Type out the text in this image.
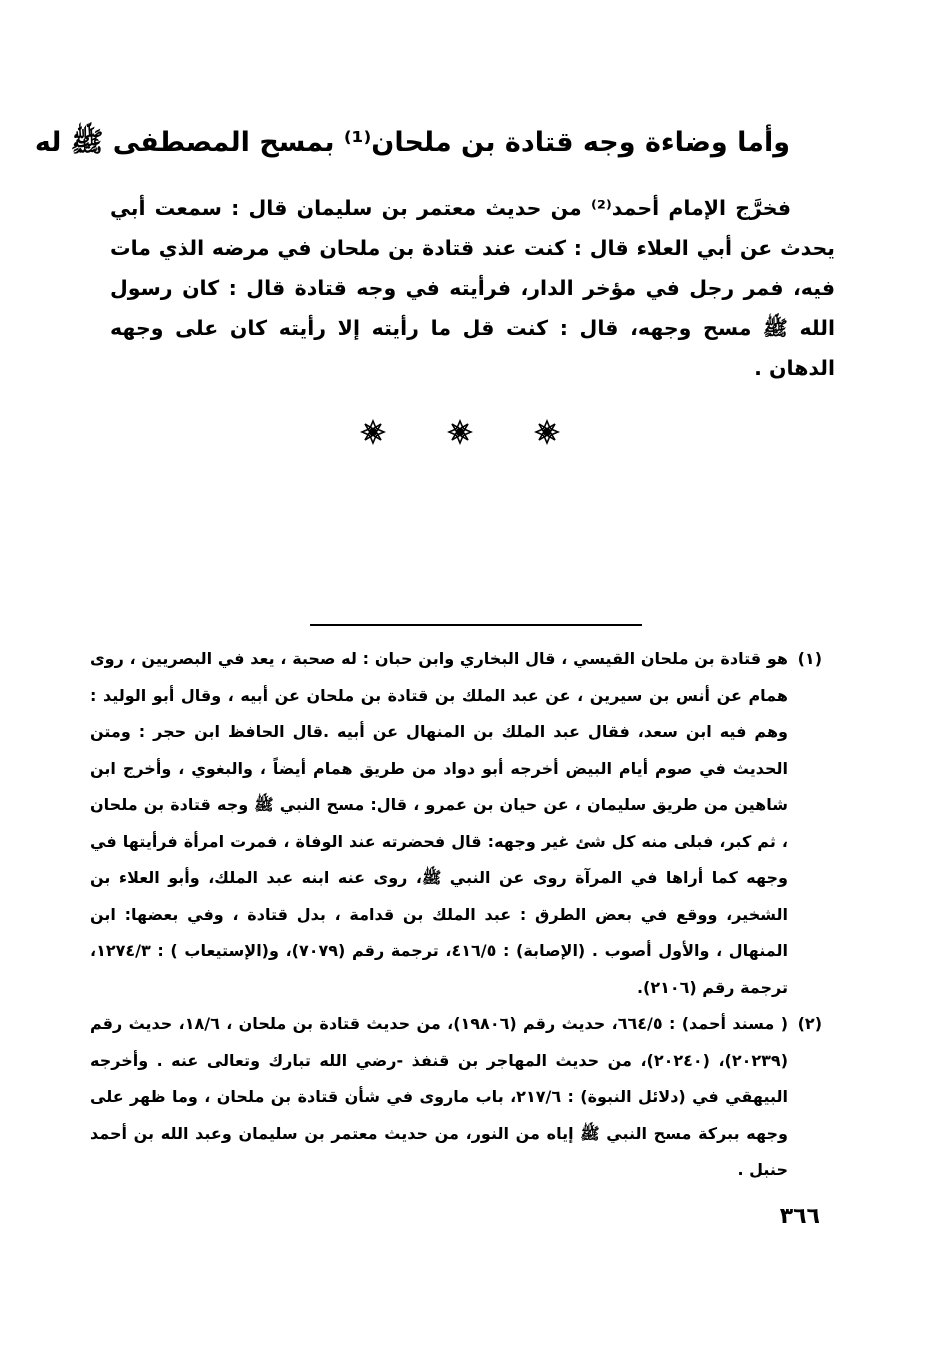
وأما وضاءة وجه قتادة بن ملحان⁽¹⁾ بمسح المصطفى ﷺ له

فخرَّج الإمام أحمد⁽²⁾ من حديث معتمر بن سليمان قال : سمعت أبي يحدث عن أبي العلاء قال : كنت عند قتادة بن ملحان في مرضه الذي مات فيه، فمر رجل في مؤخر الدار، فرأيته في وجه قتادة قال : كان رسول الله ﷺ مسح وجهه، قال : كنت قل ما رأيته إلا رأيته كان على وجهه الدهان .

(١)هو قتادة بن ملحان القيسي ، قال البخاري وابن حبان : له صحبة ، يعد في البصريين ، روى همام عن أنس بن سيرين ، عن عبد الملك بن قتادة بن ملحان عن أبيه ، وقال أبو الوليد : وهم فيه ابن سعد، فقال عبد الملك بن المنهال عن أبيه .قال الحافظ ابن حجر : ومتن الحديث في صوم أيام البيض أخرجه أبو دواد من طريق همام أيضاً ، والبغوي ، وأخرج ابن شاهين من طريق سليمان ، عن حيان بن عمرو ، قال: مسح النبي ﷺ وجه قتادة بن ملحان ، ثم كبر، فبلى منه كل شئ غير وجهه: قال فحضرته عند الوفاة ، فمرت امرأة فرأيتها في وجهه كما أراها في المرآة روى عن النبي ﷺ، روى عنه ابنه عبد الملك، وأبو العلاء بن الشخير، ووقع في بعض الطرق : عبد الملك بن قدامة ، بدل قتادة ، وفي بعضها: ابن المنهال ، والأول أصوب . (الإصابة) : ٤١٦/٥، ترجمة رقم (٧٠٧٩)، و(الإستيعاب ) : ١٢٧٤/٣، ترجمة رقم (٢١٠٦).

(٢)( مسند أحمد) : ٦٦٤/٥، حديث رقم (١٩٨٠٦)، من حديث قتادة بن ملحان ، ١٨/٦، حديث رقم (٢٠٢٣٩)، (٢٠٢٤٠)، من حديث المهاجر بن قنفذ -رضي الله تبارك وتعالى عنه . وأخرجه البيهقي في (دلائل النبوة) : ٢١٧/٦، باب ماروى في شأن قتادة بن ملحان ، وما ظهر على وجهه ببركة مسح النبي ﷺ إياه من النور، من حديث معتمر بن سليمان وعبد الله بن أحمد حنبل .

٣٦٦
